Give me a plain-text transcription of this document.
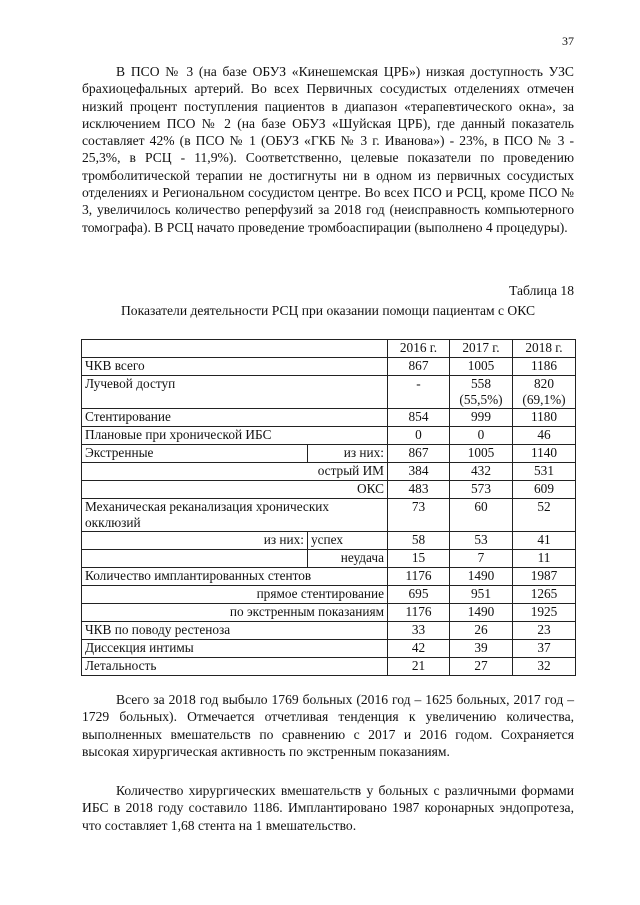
37

В ПСО № 3 (на базе ОБУЗ «Кинешемская ЦРБ») низкая доступность УЗС брахиоцефальных артерий. Во всех Первичных сосудистых отделениях отмечен низкий процент поступления пациентов в диапазон «терапевтического окна», за исключением ПСО № 2 (на базе ОБУЗ «Шуйская ЦРБ), где данный показатель составляет 42% (в ПСО № 1 (ОБУЗ «ГКБ № 3 г. Иванова») - 23%, в ПСО № 3 - 25,3%, в РСЦ - 11,9%). Соответственно, целевые показатели по проведению тромболитической терапии не достигнуты ни в одном из первичных сосудистых отделениях и Региональном сосудистом центре. Во всех ПСО и РСЦ, кроме ПСО № 3, увеличилось количество реперфузий за 2018 год (неисправность компьютерного томографа). В РСЦ начато проведение тромбоаспирации (выполнено 4 процедуры).

Таблица 18
Показатели деятельности РСЦ при оказании помощи пациентам с ОКС
		2016 г.	2017 г.	2018 г.
ЧКВ всего		867	1005	1186
Лучевой доступ		-	558 (55,5%)	820 (69,1%)
Стентирование		854	999	1180
Плановые при хронической ИБС		0	0	46
Экстренные	из них:	867	1005	1140
острый ИМ		384	432	531
ОКС		483	573	609
Механическая реканализация хронических окклюзий		73	60	52
из них:	успех	58	53	41
	неудача	15	7	11
Количество имплантированных стентов		1176	1490	1987
прямое стентирование		695	951	1265
по экстренным показаниям		1176	1490	1925
ЧКВ по поводу рестеноза		33	26	23
Диссекция интимы		42	39	37
Летальность		21	27	32

Всего за 2018 год выбыло 1769 больных (2016 год – 1625 больных, 2017 год – 1729 больных). Отмечается отчетливая тенденция к увеличению количества, выполненных вмешательств по сравнению с 2017 и 2016 годом. Сохраняется высокая хирургическая активность по экстренным показаниям.

Количество хирургических вмешательств у больных с различными формами ИБС в 2018 году составило 1186. Имплантировано 1987 коронарных эндопротеза, что составляет 1,68 стента на 1 вмешательство.
